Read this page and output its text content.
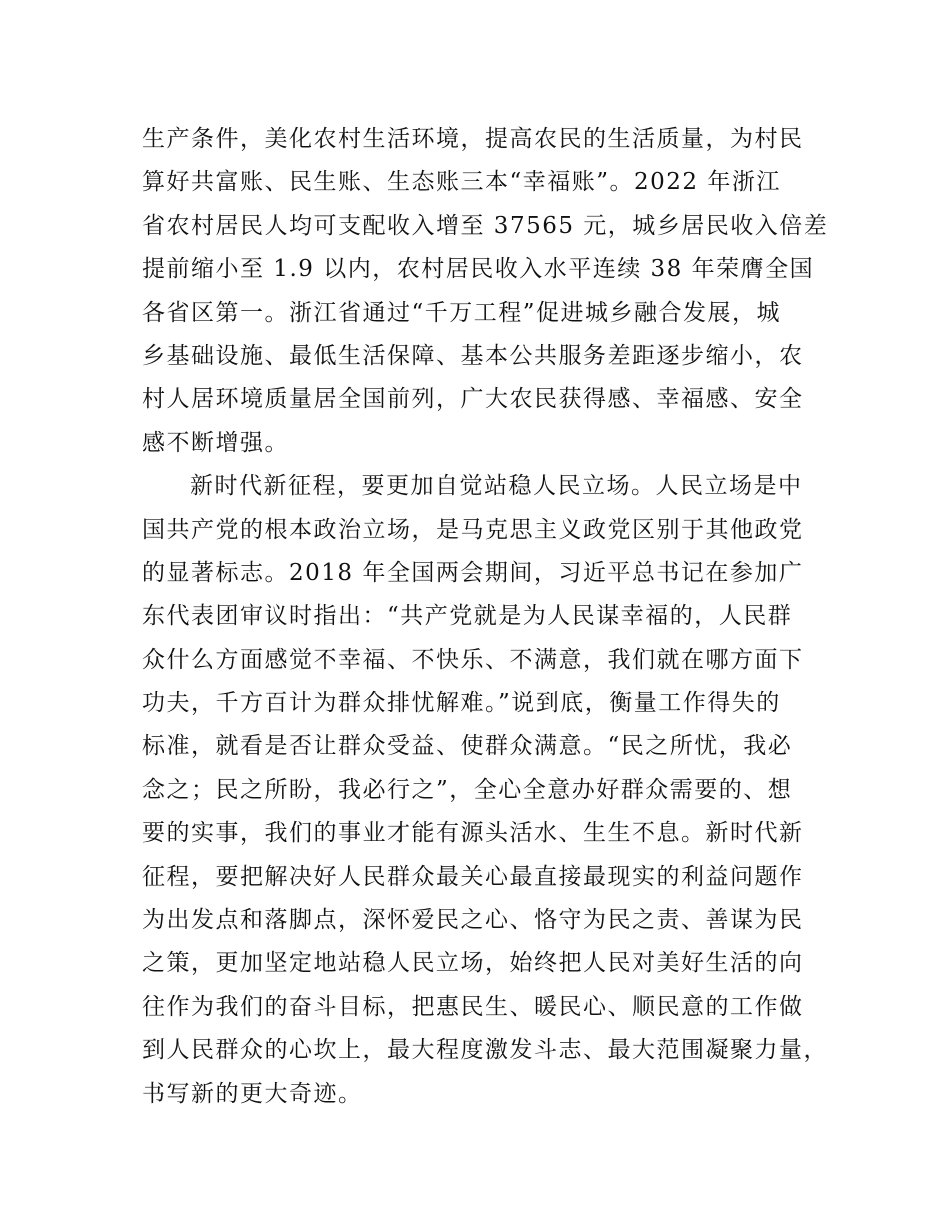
生产条件，美化农村生活环境，提高农民的生活质量，为村民
算好共富账、民生账、生态账三本“幸福账”。2022 年浙江
省农村居民人均可支配收入增至 37565 元，城乡居民收入倍差
提前缩小至 1.9 以内，农村居民收入水平连续 38 年荣膺全国
各省区第一。浙江省通过“千万工程”促进城乡融合发展，城
乡基础设施、最低生活保障、基本公共服务差距逐步缩小，农
村人居环境质量居全国前列，广大农民获得感、幸福感、安全
感不断增强。
新时代新征程，要更加自觉站稳人民立场。人民立场是中
国共产党的根本政治立场，是马克思主义政党区别于其他政党
的显著标志。2018 年全国两会期间，习近平总书记在参加广
东代表团审议时指出：“共产党就是为人民谋幸福的，人民群
众什么方面感觉不幸福、不快乐、不满意，我们就在哪方面下
功夫，千方百计为群众排忧解难。”说到底，衡量工作得失的
标准，就看是否让群众受益、使群众满意。“民之所忧，我必
念之；民之所盼，我必行之”，全心全意办好群众需要的、想
要的实事，我们的事业才能有源头活水、生生不息。新时代新
征程，要把解决好人民群众最关心最直接最现实的利益问题作
为出发点和落脚点，深怀爱民之心、恪守为民之责、善谋为民
之策，更加坚定地站稳人民立场，始终把人民对美好生活的向
往作为我们的奋斗目标，把惠民生、暖民心、顺民意的工作做
到人民群众的心坎上，最大程度激发斗志、最大范围凝聚力量，
书写新的更大奇迹。
